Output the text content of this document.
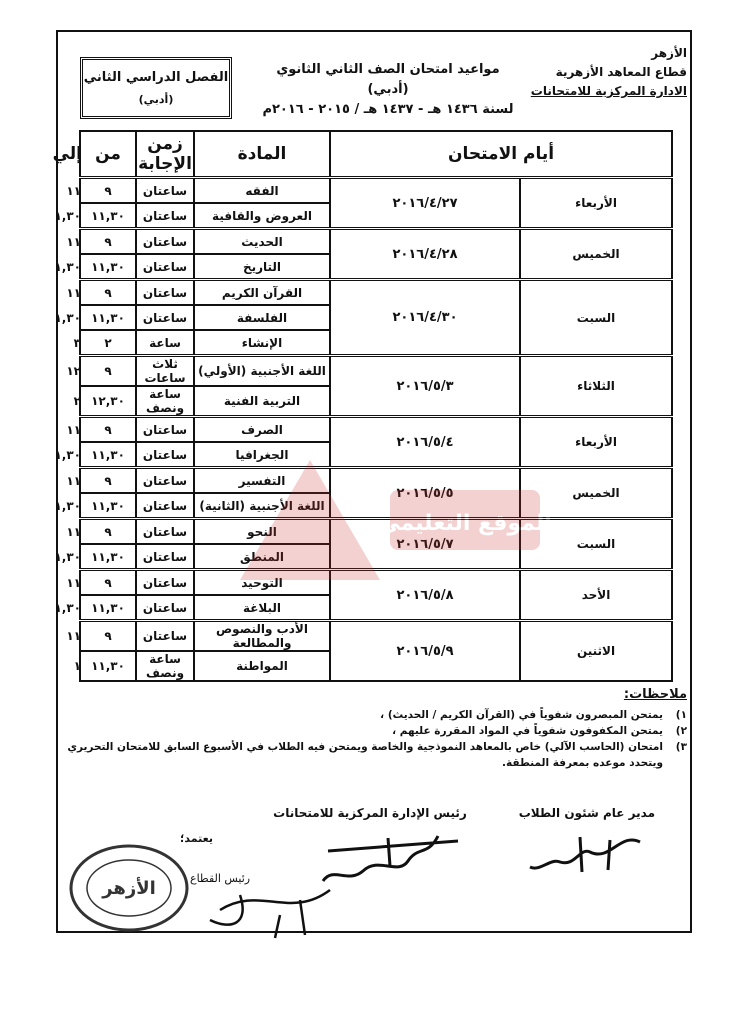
الأزهر
قطاع المعاهد الأزهرية
الادارة المركزية للامتحانات
مواعيد امتحان الصف الثاني الثانوي (أدبي)
لسنة ١٤٣٦ هـ - ١٤٣٧ هـ / ٢٠١٥ - ٢٠١٦م
الفصل الدراسي الثاني
(أدبي)
أيام الامتحان		المادة	زمن الإجابة	من	إلي
الأربعاء	٢٠١٦/٤/٢٧	الفقه	ساعتان	٩	١١
		العروض والقافية	ساعتان	١١,٣٠	١,٣٠
الخميس	٢٠١٦/٤/٢٨	الحديث	ساعتان	٩	١١
		التاريخ	ساعتان	١١,٣٠	١,٣٠
السبت	٢٠١٦/٤/٣٠	القرآن الكريم	ساعتان	٩	١١
		الفلسفة	ساعتان	١١,٣٠	١,٣٠
		الإنشاء	ساعة	٢	٣
الثلاثاء	٢٠١٦/٥/٣	اللغة الأجنبية (الأولي)	ثلاث ساعات	٩	١٢
		التربية الفنية	ساعة ونصف	١٢,٣٠	٢
الأربعاء	٢٠١٦/٥/٤	الصرف	ساعتان	٩	١١
		الجغرافيا	ساعتان	١١,٣٠	١,٣٠
الخميس	٢٠١٦/٥/٥	التفسير	ساعتان	٩	١١
		اللغة الأجنبية (الثانية)	ساعتان	١١,٣٠	١,٣٠
السبت	٢٠١٦/٥/٧	النحو	ساعتان	٩	١١
		المنطق	ساعتان	١١,٣٠	١,٣٠
الأحد	٢٠١٦/٥/٨	التوحيد	ساعتان	٩	١١
		البلاغة	ساعتان	١١,٣٠	١,٣٠
الاثنين	٢٠١٦/٥/٩	الأدب والنصوص والمطالعة	ساعتان	٩	١١
		المواطنة	ساعة ونصف	١١,٣٠	١
ملاحظات:
١)
يمتحن المبصرون شفوياً في (القرآن الكريم / الحديث) ،
٢)
يمتحن المكفوفون شفوياً في المواد المقررة عليهم ،
٣)
امتحان (الحاسب الآلي) خاص بالمعاهد النموذجية والخاصة ويمتحن فيه الطلاب في الأسبوع السابق للامتحان التحريري ويتحدد موعده بمعرفة المنطقة.
مدير عام شئون الطلاب
رئيس الإدارة المركزية للامتحانات
يعتمد؛
رئيس القطاع
الأزهر
الموقع التعليمي
